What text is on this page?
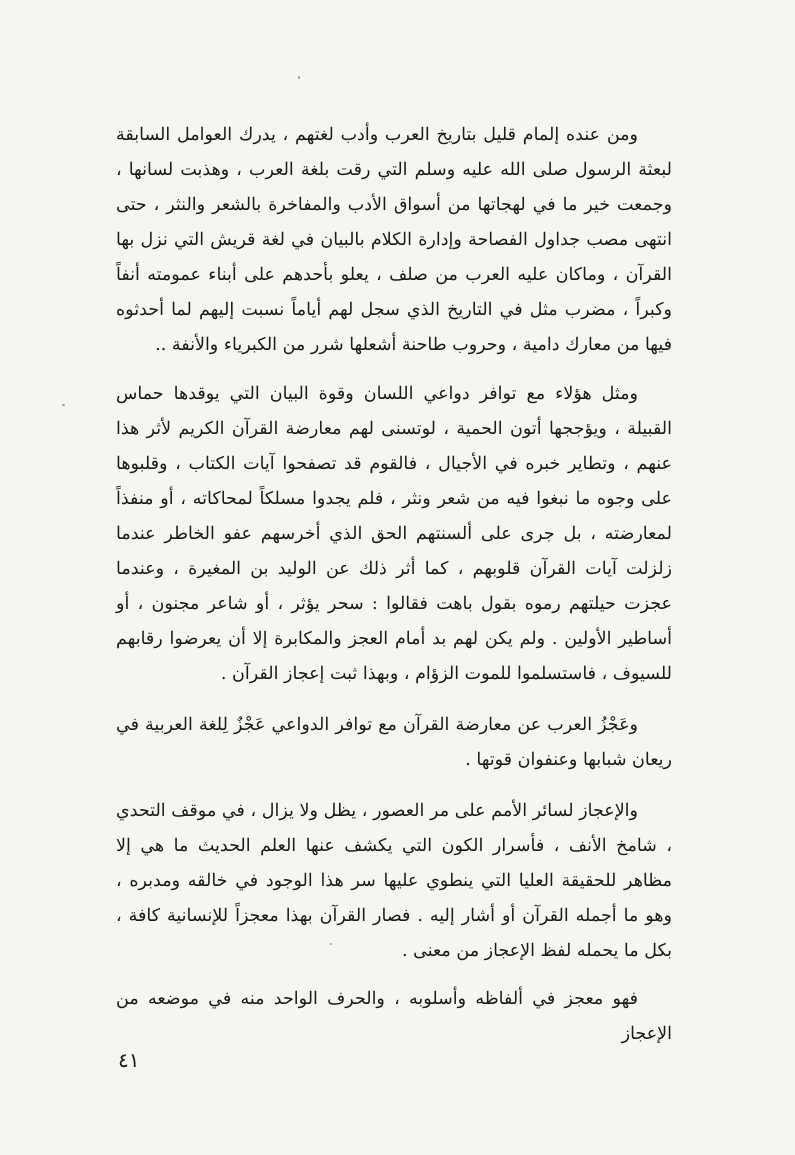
ومن عنده إلمام قليل بتاريخ العرب وأدب لغتهم ، يدرك العوامل السابقة لبعثة الرسول صلى الله عليه وسلم التي رقت بلغة العرب ، وهذبت لسانها ، وجمعت خير ما في لهجاتها من أسواق الأدب والمفاخرة بالشعر والنثر ، حتى انتهى مصب جداول الفصاحة وإدارة الكلام بالبيان في لغة قريش التي نزل بها القرآن ، وماكان عليه العرب من صلف ، يعلو بأحدهم على أبناء عمومته أنفاً وكبراً ، مضرب مثل في التاريخ الذي سجل لهم أياماً نسبت إليهم لما أحدثوه فيها من معارك دامية ، وحروب طاحنة أشعلها شرر من الكبرياء والأنفة ..

ومثل هؤلاء مع توافر دواعي اللسان وقوة البيان التي يوقدها حماس القبيلة ، ويؤججها أتون الحمية ، لوتسنى لهم معارضة القرآن الكريم لأثر هذا عنهم ، وتطاير خبره في الأجيال ، فالقوم قد تصفحوا آيات الكتاب ، وقلبوها على وجوه ما نبغوا فيه من شعر ونثر ، فلم يجدوا مسلكاً لمحاكاته ، أو منفذاً لمعارضته ، بل جرى على ألسنتهم الحق الذي أخرسهم عفو الخاطر عندما زلزلت آيات القرآن قلوبهم ، كما أثر ذلك عن الوليد بن المغيرة ، وعندما عجزت حيلتهم رموه بقول باهت فقالوا : سحر يؤثر ، أو شاعر مجنون ، أو أساطير الأولين . ولم يكن لهم بد أمام العجز والمكابرة إلا أن يعرضوا رقابهم للسيوف ، فاستسلموا للموت الزؤام ، وبهذا ثبت إعجاز القرآن .

وعَجْزُ العرب عن معارضة القرآن مع توافر الدواعي عَجْزٌ لِلغة العربية في ريعان شبابها وعنفوان قوتها .

والإعجاز لسائر الأمم على مر العصور ، يظل ولا يزال ، في موقف التحدي ، شامخ الأنف ، فأسرار الكون التي يكشف عنها العلم الحديث ما هي إلا مظاهر للحقيقة العليا التي ينطوي عليها سر هذا الوجود في خالقه ومدبره ، وهو ما أجمله القرآن أو أشار إليه . فصار القرآن بهذا معجزاً للإنسانية كافة ، بكل ما يحمله لفظ الإعجاز من معنى .

فهو معجز في ألفاظه وأسلوبه ، والحرف الواحد منه في موضعه من الإعجاز

٤١
